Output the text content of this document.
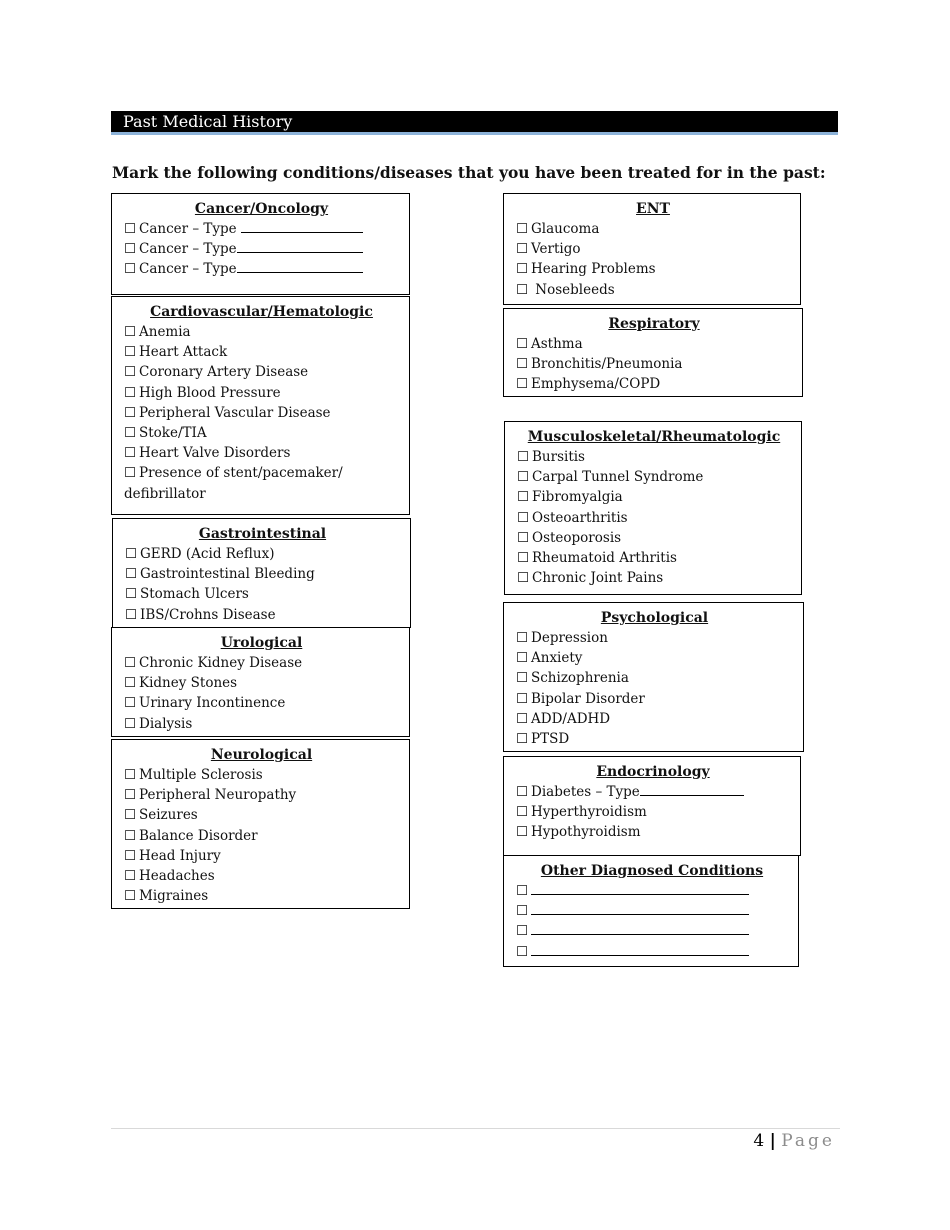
Past Medical History
Mark the following conditions/diseases that you have been treated for in the past:
Cancer/Oncology
☐ Cancer – Type
☐ Cancer – Type
☐ Cancer – Type
Cardiovascular/Hematologic
☐ Anemia
☐ Heart Attack
☐ Coronary Artery Disease
☐ High Blood Pressure
☐ Peripheral Vascular Disease
☐ Stoke/TIA
☐ Heart Valve Disorders
☐ Presence of stent/pacemaker/ defibrillator
Gastrointestinal
☐ GERD (Acid Reflux)
☐ Gastrointestinal Bleeding
☐ Stomach Ulcers
☐ IBS/Crohns Disease
Urological
☐ Chronic Kidney Disease
☐ Kidney Stones
☐ Urinary Incontinence
☐ Dialysis
Neurological
☐ Multiple Sclerosis
☐ Peripheral Neuropathy
☐ Seizures
☐ Balance Disorder
☐ Head Injury
☐ Headaches
☐ Migraines
ENT
☐ Glaucoma
☐ Vertigo
☐ Hearing Problems
☐ Nosebleeds
Respiratory
☐ Asthma
☐ Bronchitis/Pneumonia
☐ Emphysema/COPD
Musculoskeletal/Rheumatologic
☐ Bursitis
☐ Carpal Tunnel Syndrome
☐ Fibromyalgia
☐ Osteoarthritis
☐ Osteoporosis
☐ Rheumatoid Arthritis
☐ Chronic Joint Pains
Psychological
☐ Depression
☐ Anxiety
☐ Schizophrenia
☐ Bipolar Disorder
☐ ADD/ADHD
☐ PTSD
Endocrinology
☐ Diabetes – Type
☐ Hyperthyroidism
☐ Hypothyroidism
Other Diagnosed Conditions
☐
☐
☐
☐
4 | Page
